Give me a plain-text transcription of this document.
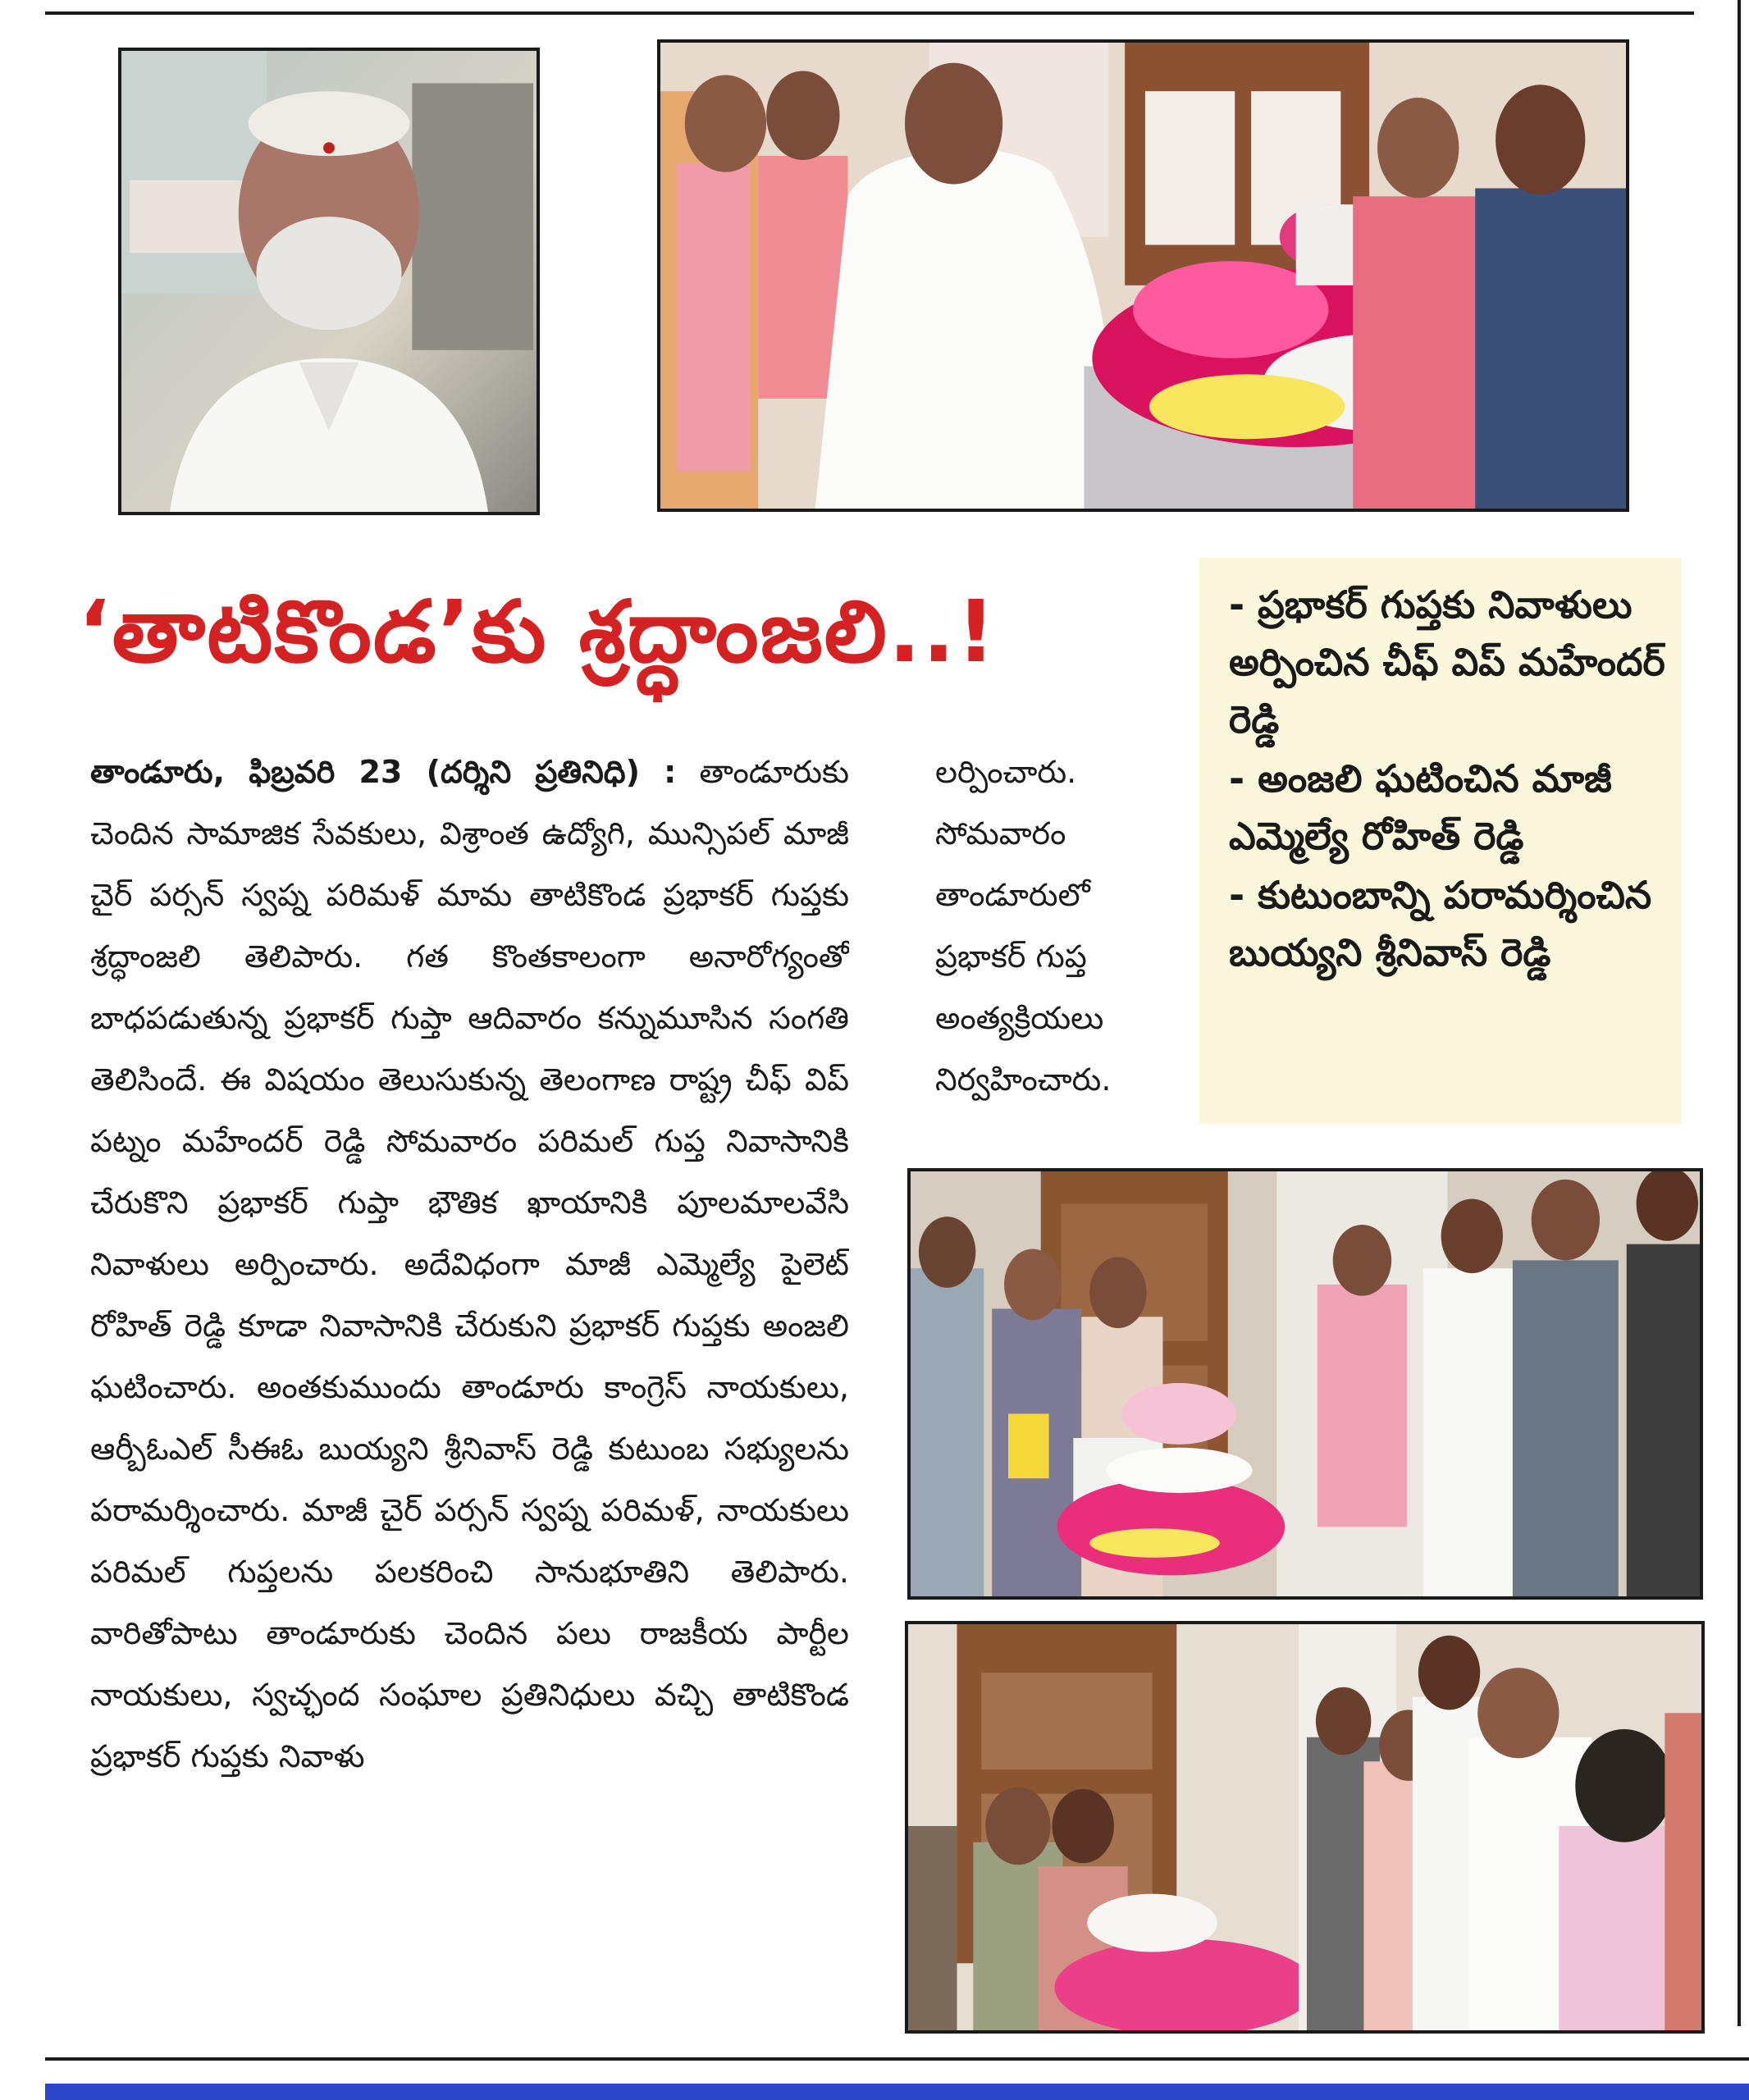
‘తాటికొండ’కు శ్రద్ధాంజలి..!	- ప్రభాకర్ గుప్తకు నివాళులు అర్పించిన చీఫ్ విప్ మహేందర్ రెడ్డి
- అంజలి ఘటించిన మాజీ ఎమ్మెల్యే రోహిత్ రెడ్డి
- కుటుంబాన్ని పరామర్శించిన బుయ్యని శ్రీనివాస్ రెడ్డి
తాండూరు, ఫిబ్రవరి 23 (దర్శిని ప్రతినిధి) : తాండూరుకు చెందిన సామాజిక సేవకులు, విశ్రాంత ఉద్యోగి, మున్సిపల్ మాజీ చైర్ పర్సన్ స్వప్న పరిమళ్ మామ తాటికొండ ప్రభాకర్ గుప్తకు శ్రద్ధాంజలి తెలిపారు. గత కొంతకాలంగా అనారోగ్యంతో బాధపడుతున్న ప్రభాకర్ గుప్తా ఆదివారం కన్నుమూసిన సంగతి తెలిసిందే. ఈ విషయం తెలుసుకున్న తెలంగాణ రాష్ట్ర చీఫ్ విప్ పట్నం మహేందర్ రెడ్డి సోమవారం పరిమల్ గుప్త నివాసానికి చేరుకొని ప్రభాకర్ గుప్తా భౌతిక ఖాయానికి పూలమాలవేసి నివాళులు అర్పించారు. అదేవిధంగా మాజీ ఎమ్మెల్యే పైలెట్ రోహిత్ రెడ్డి కూడా నివాసానికి చేరుకుని ప్రభాకర్ గుప్తకు అంజలి ఘటించారు. అంతకుముందు తాండూరు కాంగ్రెస్ నాయకులు, ఆర్బీఓఎల్ సీఈఓ బుయ్యని శ్రీనివాస్ రెడ్డి కుటుంబ సభ్యులను పరామర్శించారు. మాజీ చైర్ పర్సన్ స్వప్న పరిమళ్, నాయకులు పరిమల్ గుప్తలను పలకరించి సానుభూతిని తెలిపారు. వారితోపాటు తాండూరుకు చెందిన పలు రాజకీయ పార్టీల నాయకులు, స్వచ్ఛంద సంఘాల ప్రతినిధులు వచ్చి తాటికొండ ప్రభాకర్ గుప్తకు నివాళు
లర్పించారు. సోమవారం తాండూరులో ప్రభాకర్ గుప్త అంత్యక్రియలు నిర్వహించారు.
